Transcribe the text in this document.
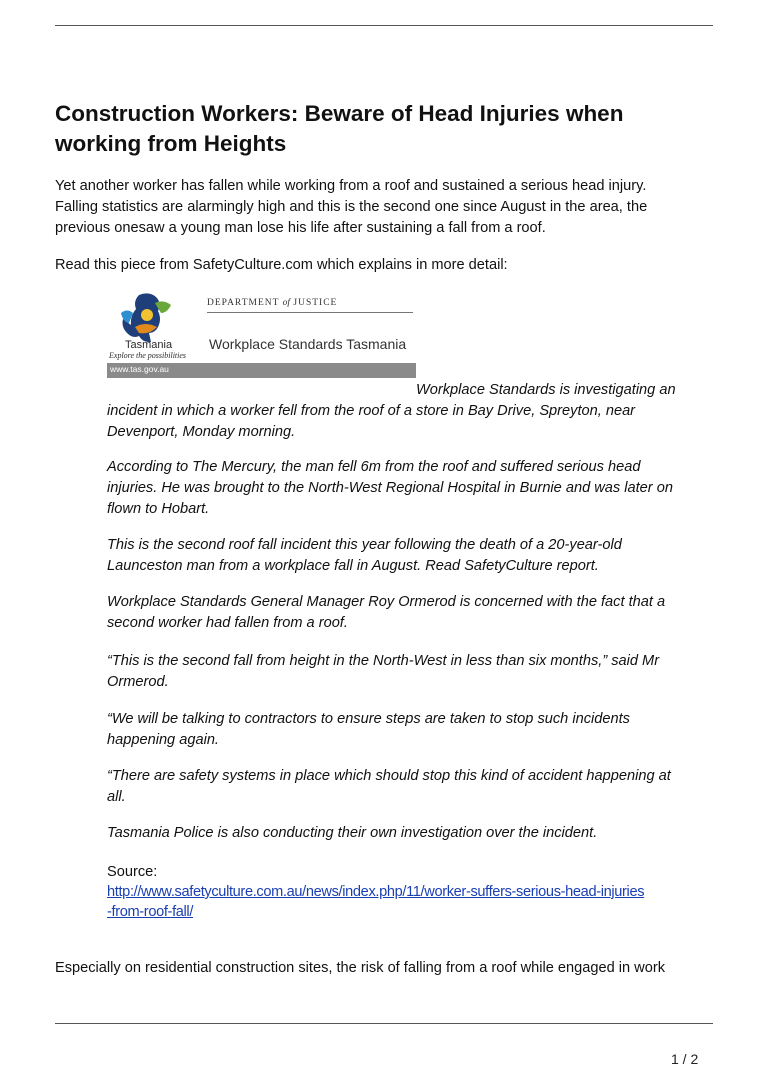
Construction Workers: Beware of Head Injuries when
working from Heights

Yet another worker has fallen while working from a roof and sustained a serious head injury.
Falling statistics are alarmingly high and this is the second one since August in the area, the
previous onesaw a young man lose his life after sustaining a fall from a roof.

Read this piece from SafetyCulture.com which explains in more detail:

Tasmania
Explore the possibilities
DEPARTMENT of JUSTICE
Workplace Standards Tasmania
www.tas.gov.au

Workplace Standards is investigating an
incident in which a worker fell from the roof of a store in Bay Drive, Spreyton, near
Devenport, Monday morning.

According to The Mercury, the man fell 6m from the roof and suffered serious head
injuries. He was brought to the North-West Regional Hospital in Burnie and was later on
flown to Hobart.

This is the second roof fall incident this year following the death of a 20-year-old
Launceston man from a workplace fall in August. Read SafetyCulture report.

Workplace Standards General Manager Roy Ormerod is concerned with the fact that a
second worker had fallen from a roof.

“This is the second fall from height in the North-West in less than six months,” said Mr
Ormerod.

“We will be talking to contractors to ensure steps are taken to stop such incidents
happening again.

“There are safety systems in place which should stop this kind of accident happening at
all.

Tasmania Police is also conducting their own investigation over the incident.

Source:
http://www.safetyculture.com.au/news/index.php/11/worker-suffers-serious-head-injuries
-from-roof-fall/

Especially on residential construction sites, the risk of falling from a roof while engaged in work

1 / 2
